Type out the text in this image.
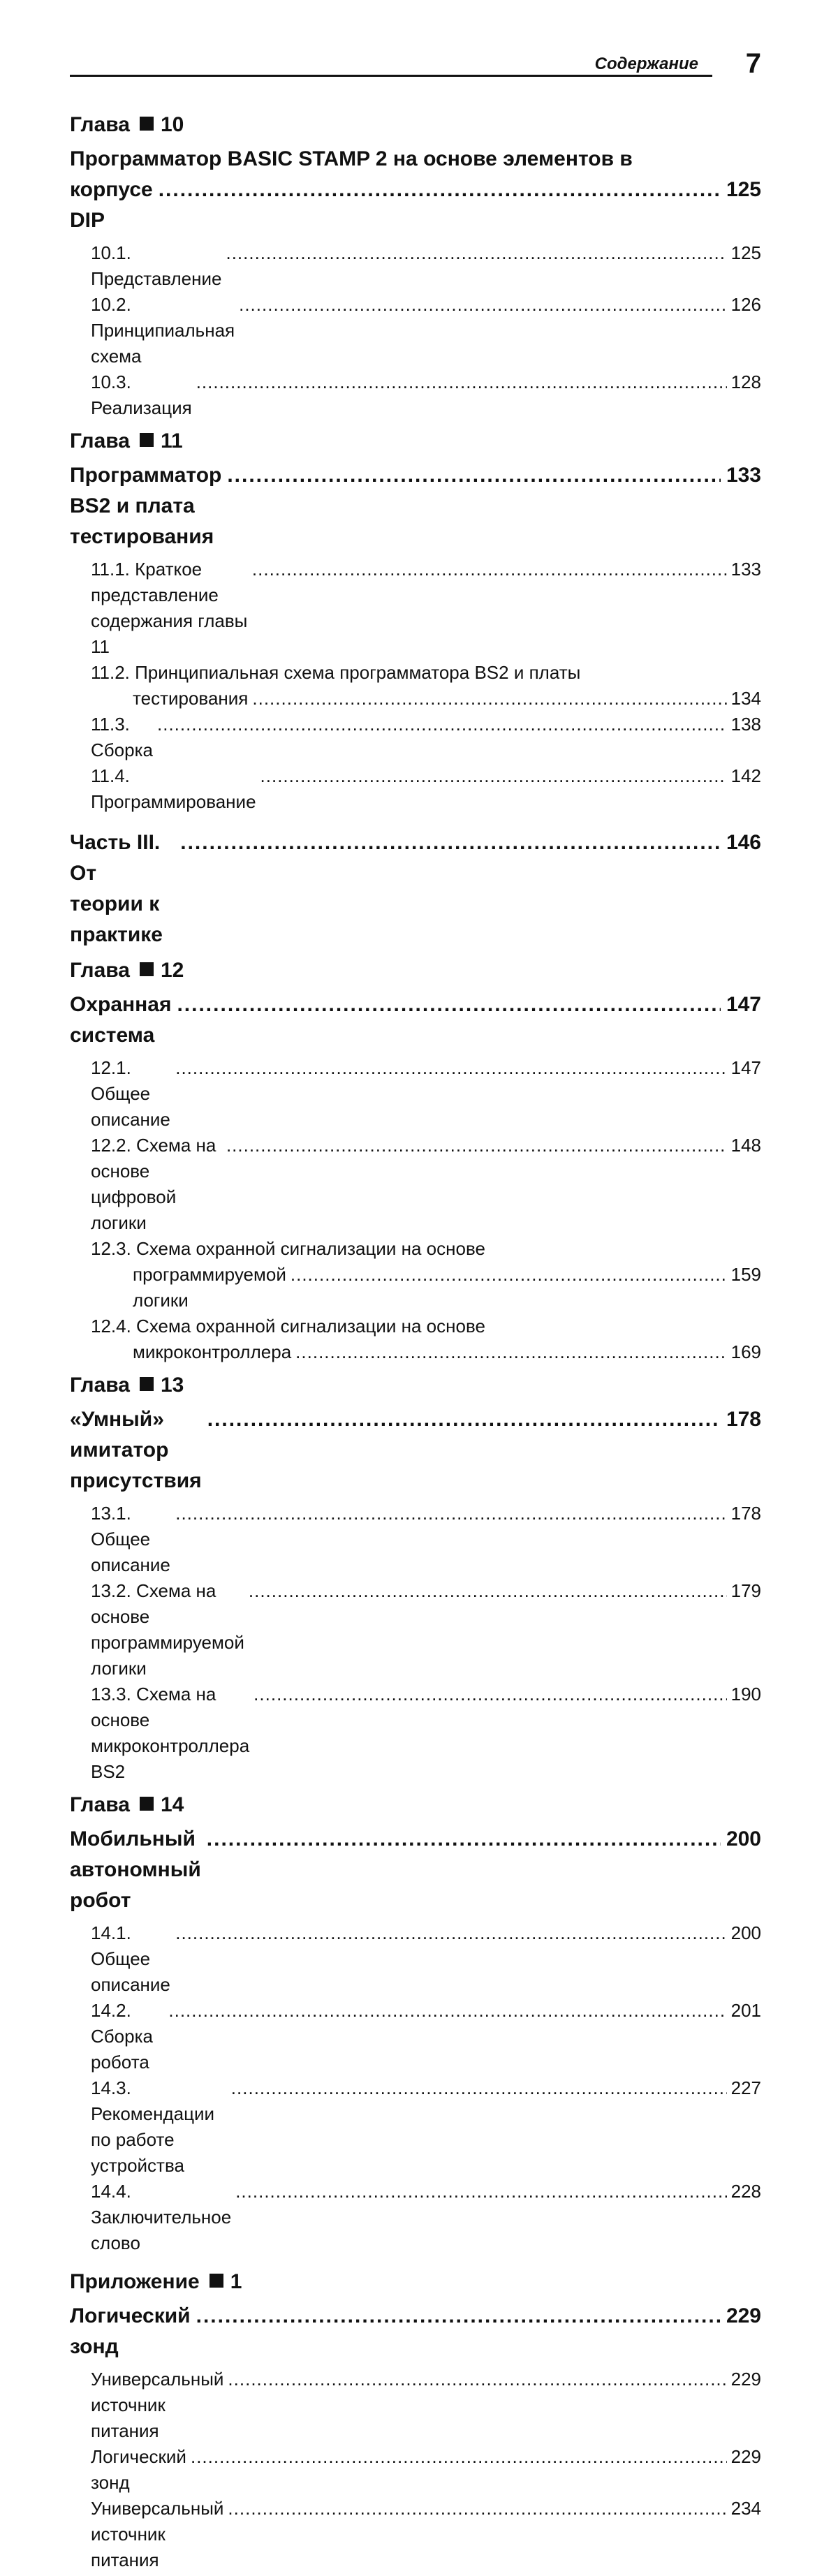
Содержание 7
Глава 10
Программатор BASIC STAMP 2 на основе элементов в
корпусе DIP
.....
125
10.1. Представление
.....
125
10.2. Принципиальная схема
.....
126
10.3. Реализация
.....
128
Глава 11
Программатор BS2 и плата тестирования
.....
133
11.1. Краткое представление содержания главы 11
.....
133
11.2. Принципиальная схема программатора BS2 и платы
тестирования .....	134
11.3. Сборка
.....
138
11.4. Программирование
.....
142
Часть III. От теории к практике
.....
146
Глава 12
Охранная система
.....
147
12.1. Общее описание
.....
147
12.2. Схема на основе цифровой логики
.....
148
12.3. Схема охранной сигнализации на основе
программируемой логики
.....
159
12.4. Схема охранной сигнализации на основе
микроконтроллера .....	169
Глава 13
«Умный» имитатор присутствия
.....
178
13.1. Общее описание
.....
178
13.2. Схема на основе программируемой логики
.....
179
13.3. Схема на основе микроконтроллера BS2
.....
190
Глава 14
Мобильный автономный робот
.....
200
14.1. Общее описание
.....
200
14.2. Сборка робота
.....
201
14.3. Рекомендации по работе устройства
.....
227
14.4. Заключительное слово
.....
228
Приложение 1
Логический зонд
.....
229
Универсальный источник питания
.....
229
Логический зонд
.....
229
Универсальный источник питания
.....
234
